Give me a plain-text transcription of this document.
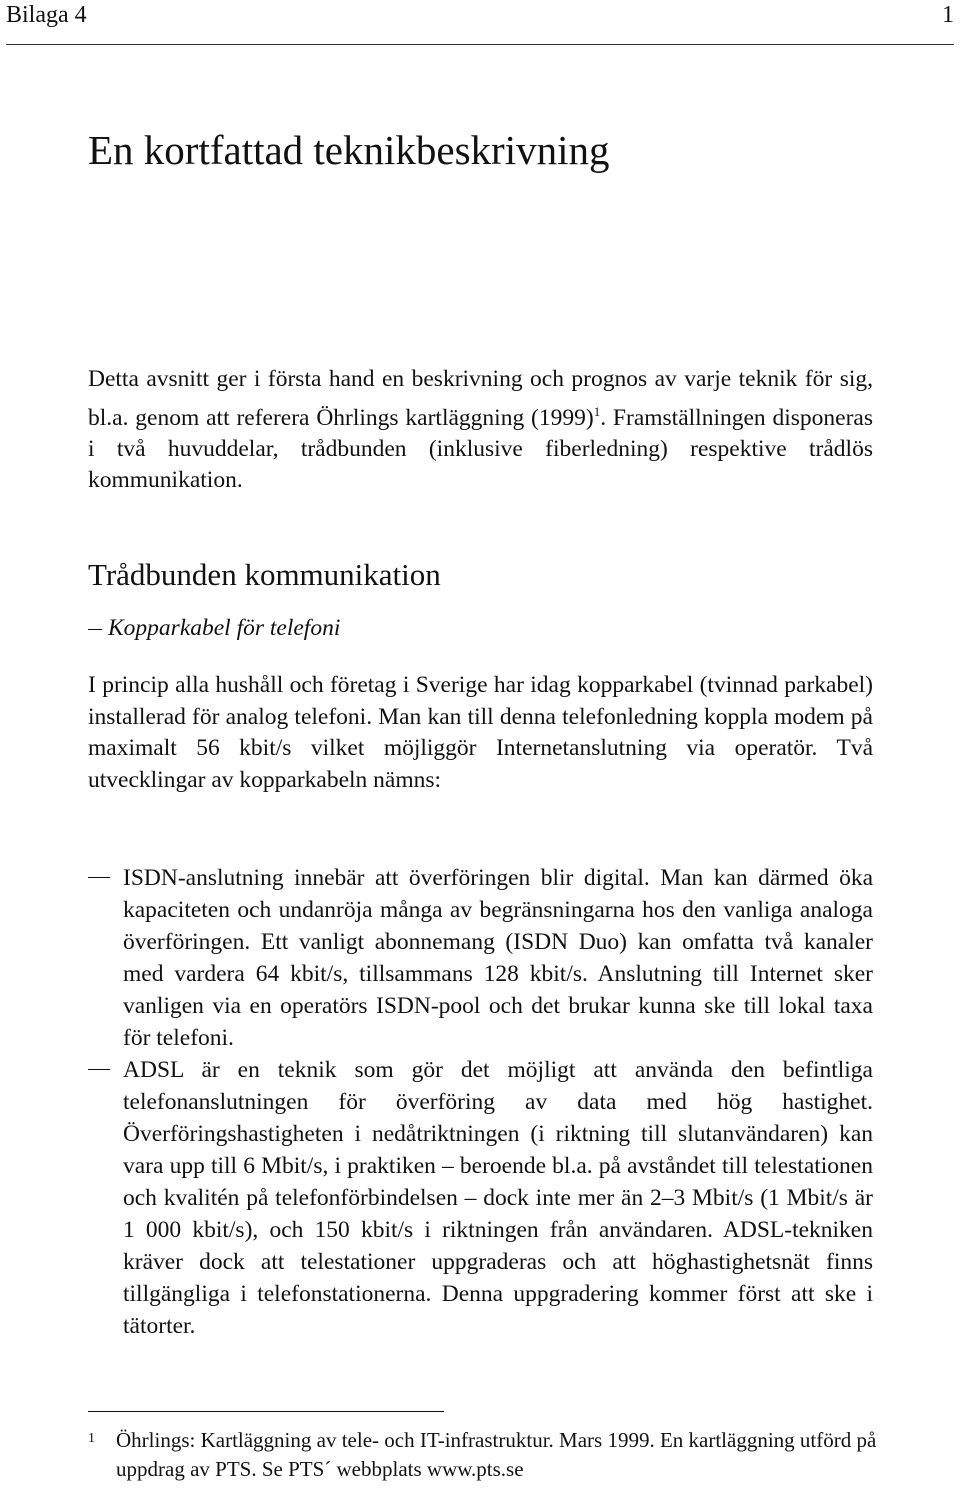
Bilaga 4	1
En kortfattad teknikbeskrivning

Detta avsnitt ger i första hand en beskrivning och prognos av varje teknik för sig, bl.a. genom att referera Öhrlings kartläggning $(1999)^1$. Framställningen disponeras i två huvuddelar, trådbunden (inklusive fiberledning) respektive trådlös kommunikation.

Trådbunden kommunikation
Kopparkabel för telefoni

I princip alla hushåll och företag i Sverige har idag kopparkabel (tvinnad parkabel) installerad för analog telefoni. Man kan till denna telefonledning koppla modem på maximalt 56 kbit/s vilket möjliggör Internetanslutning via operatör. Två utvecklingar av kopparkabeln nämns:

ISDN-anslutning innebär att överföringen blir digital. Man kan därmed öka kapaciteten och undanröja många av begränsningarna hos den vanliga analoga överföringen. Ett vanligt abonnemang (ISDN Duo) kan omfatta två kanaler med vardera 64 kbit/s, tillsammans 128 kbit/s. Anslutning till Internet sker vanligen via en operatörs ISDN-pool och det brukar kunna ske till lokal taxa för telefoni.
ADSL är en teknik som gör det möjligt att använda den befintliga telefonanslutningen för överföring av data med hög hastighet. Överföringshastigheten i nedåtriktningen (i riktning till slutanvändaren) kan vara upp till 6 Mbit/s, i praktiken – beroende bl.a. på avståndet till telestationen och kvalitén på telefonförbindelsen – dock inte mer än 2–3 Mbit/s (1 Mbit/s är 1 000 kbit/s), och 150 kbit/s i riktningen från användaren. ADSL-tekniken kräver dock att telestationer uppgraderas och att höghastighetsnät finns tillgängliga i telefonstationerna. Denna uppgradering kommer först att ske i tätorter.
1 Öhrlings: Kartläggning av tele- och IT-infrastruktur. Mars 1999. En kartläggning utförd på uppdrag av PTS. Se PTS´ webbplats www.pts.se
